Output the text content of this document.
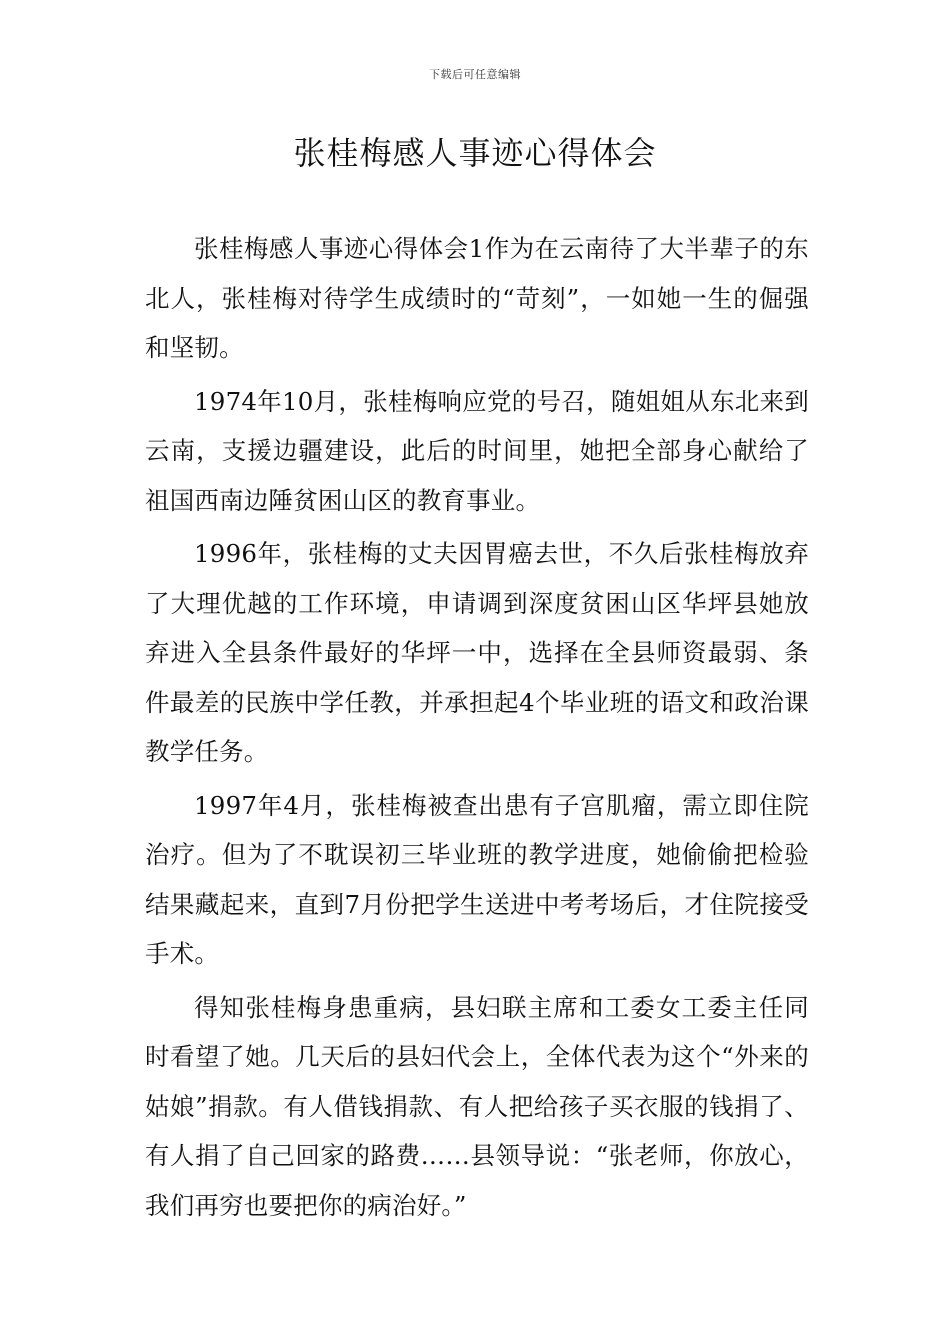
下载后可任意编辑
张桂梅感人事迹心得体会

张桂梅感人事迹心得体会1作为在云南待了大半辈子的东北人，张桂梅对待学生成绩时的“苛刻”，一如她一生的倔强和坚韧。

1974年10月，张桂梅响应党的号召，随姐姐从东北来到云南，支援边疆建设，此后的时间里，她把全部身心献给了祖国西南边陲贫困山区的教育事业。

1996年，张桂梅的丈夫因胃癌去世，不久后张桂梅放弃了大理优越的工作环境，申请调到深度贫困山区华坪县她放弃进入全县条件最好的华坪一中，选择在全县师资最弱、条件最差的民族中学任教，并承担起4个毕业班的语文和政治课教学任务。

1997年4月，张桂梅被查出患有子宫肌瘤，需立即住院治疗。但为了不耽误初三毕业班的教学进度，她偷偷把检验结果藏起来，直到7月份把学生送进中考考场后，才住院接受手术。

得知张桂梅身患重病，县妇联主席和工委女工委主任同时看望了她。几天后的县妇代会上，全体代表为这个“外来的姑娘”捐款。有人借钱捐款、有人把给孩子买衣服的钱捐了、有人捐了自己回家的路费……县领导说：“张老师，你放心，我们再穷也要把你的病治好。”
